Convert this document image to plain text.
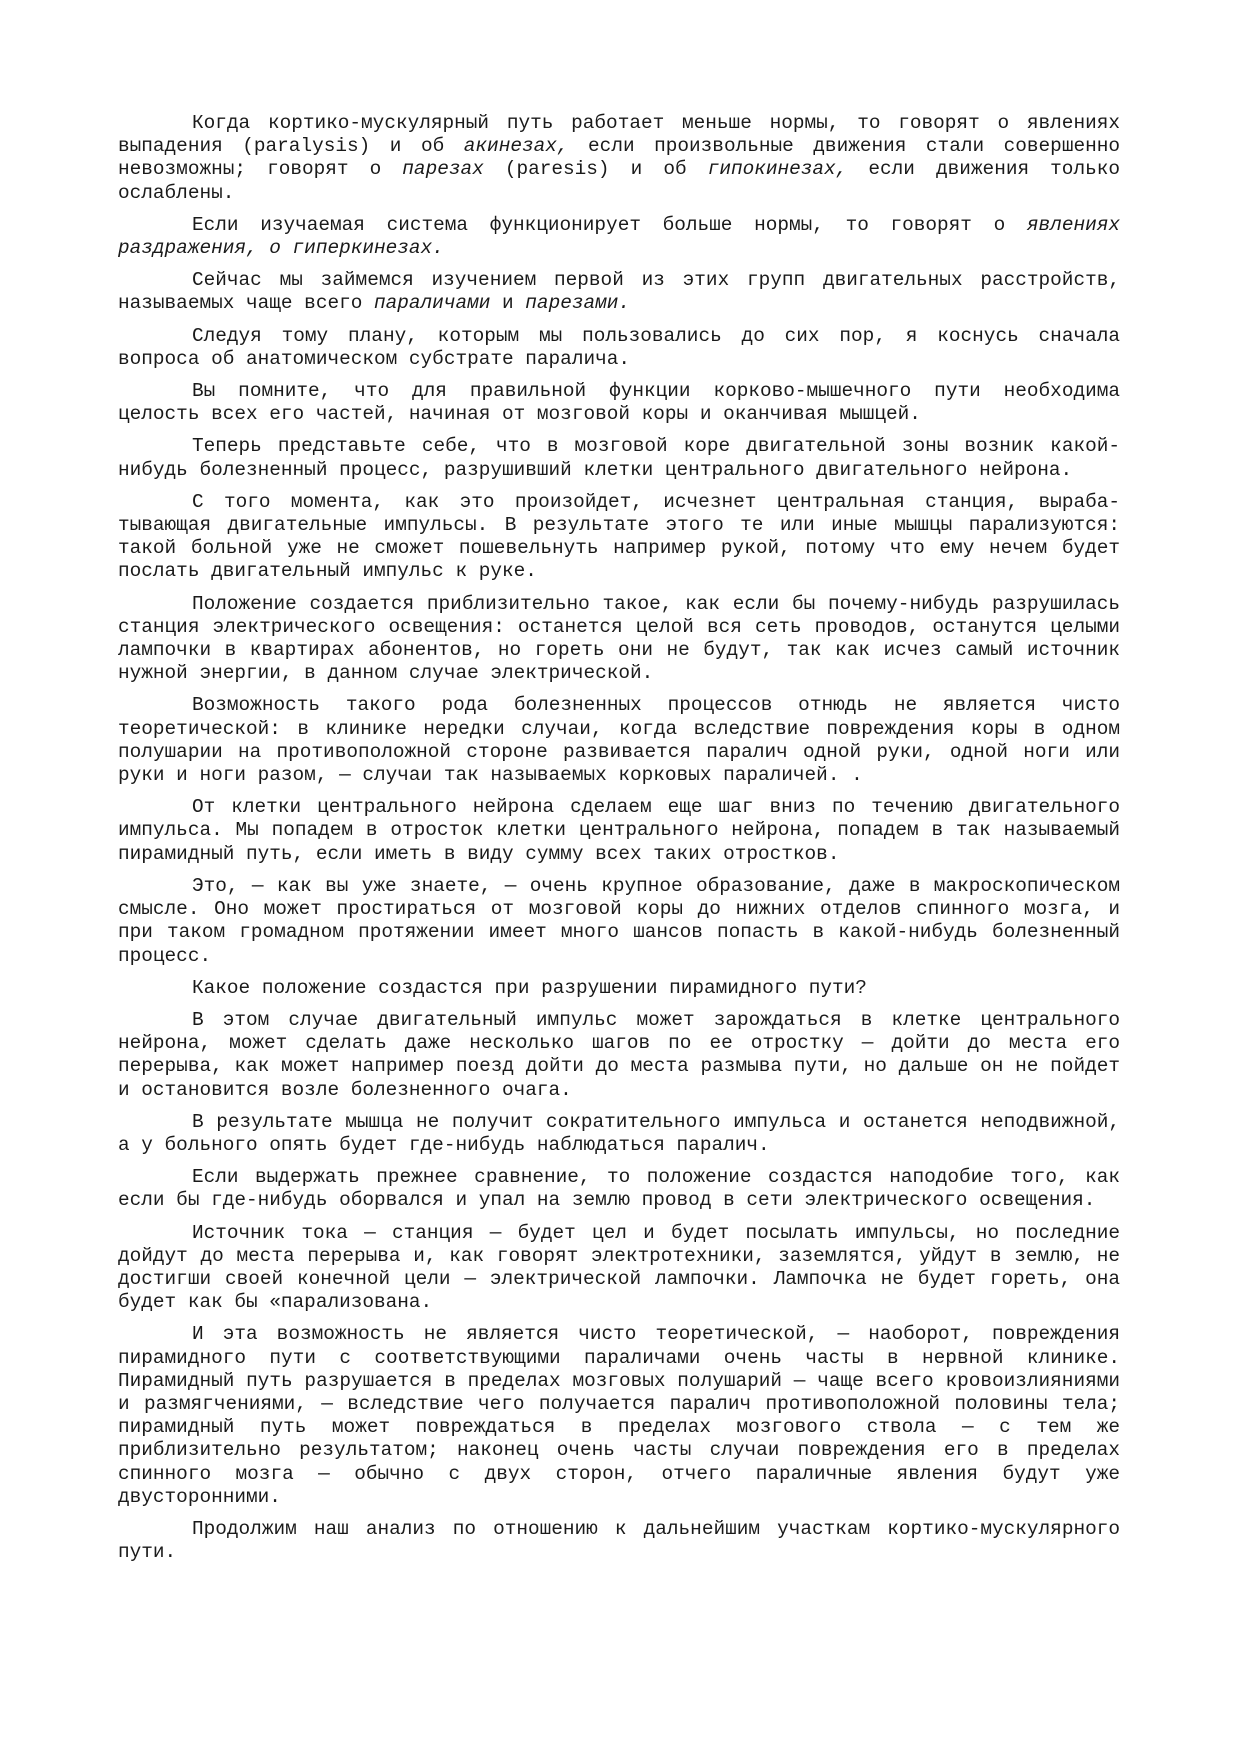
Когда кортико-мускулярный путь работает меньше нормы, то говорят о явлениях выпадения (paralysis) и об акинезах, если произвольные движения стали совершенно невозможны; говорят о парезах (paresis) и об гипокинезах, если движения только ослаблены.

Если изучаемая система функционирует больше нормы, то говорят о явлениях раздражения, о гиперкинезах.

Сейчас мы займемся изучением первой из этих групп двигательных расстройств, называемых чаще всего параличами и парезами.

Следуя тому плану, которым мы пользовались до сих пор, я коснусь сначала вопроса об анатомическом субстрате паралича.

Вы помните, что для правильной функции корково-мышечного пути необходима целость всех его частей, начиная от мозговой коры и оканчивая мышцей.

Теперь представьте себе, что в мозговой коре двигательной зоны возник какой-нибудь болезненный процесс, разрушивший клетки центрального двигательного нейрона.

С того момента, как это произойдет, исчезнет центральная станция, вырабатывающая двигательные импульсы. В результате этого те или иные мышцы парализуются: такой больной уже не сможет пошевельнуть например рукой, потому что ему нечем будет послать двигательный импульс к руке.

Положение создается приблизительно такое, как если бы почему-нибудь разрушилась станция электрического освещения: останется целой вся сеть проводов, останутся целыми лампочки в квартирах абонентов, но гореть они не будут, так как исчез самый источник нужной энергии, в данном случае электрической.

Возможность такого рода болезненных процессов отнюдь не является чисто теоретической: в клинике нередки случаи, когда вследствие повреждения коры в одном полушарии на противоположной стороне развивается паралич одной руки, одной ноги или руки и ноги разом, — случаи так называемых корковых параличей. .

От клетки центрального нейрона сделаем еще шаг вниз по течению двигательного импульса. Мы попадем в отросток клетки центрального нейрона, попадем в так называемый пирамидный путь, если иметь в виду сумму всех таких отростков.

Это, — как вы уже знаете, — очень крупное образование, даже в макроскопическом смысле. Оно может простираться от мозговой коры до нижних отделов спинного мозга, и при таком громадном протяжении имеет много шансов попасть в какой-нибудь болезненный процесс.

Какое положение создастся при разрушении пирамидного пути?

В этом случае двигательный импульс может зарождаться в клетке центрального нейрона, может сделать даже несколько шагов по ее отростку — дойти до места его перерыва, как может например поезд дойти до места размыва пути, но дальше он не пойдет и остановится возле болезненного очага.

В результате мышца не получит сократительного импульса и останется неподвижной, а у больного опять будет где-нибудь наблюдаться паралич.

Если выдержать прежнее сравнение, то положение создастся наподобие того, как если бы где-нибудь оборвался и упал на землю провод в сети электрического освещения.

Источник тока — станция — будет цел и будет посылать импульсы, но последние дойдут до места перерыва и, как говорят электротехники, заземлятся, уйдут в землю, не достигши своей конечной цели — электрической лампочки. Лампочка не будет гореть, она будет как бы «парализована.

И эта возможность не является чисто теоретической, — наоборот, повреждения пирамидного пути с соответствующими параличами очень часты в нервной клинике. Пирамидный путь разрушается в пределах мозговых полушарий — чаще всего кровоизлияниями и размягчениями, — вследствие чего получается паралич противоположной половины тела; пирамидный путь может повреждаться в пределах мозгового ствола — с тем же приблизительно результатом; наконец очень часты случаи повреждения его в пределах спинного мозга — обычно с двух сторон, отчего параличные явления будут уже двусторонними.

Продолжим наш анализ по отношению к дальнейшим участкам кортико-мускулярного пути.
